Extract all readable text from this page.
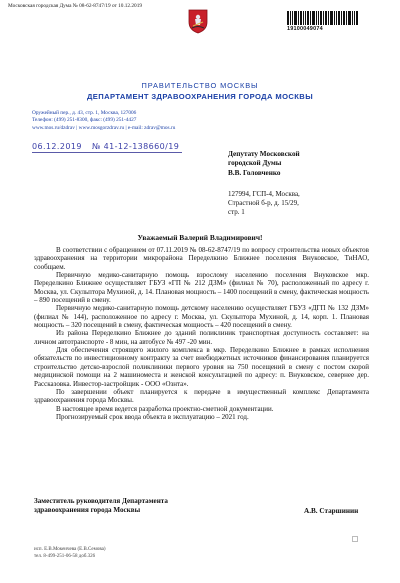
Московская городская Дума № 08-62-8747/19 от 10.12.2019
19100049074
ПРАВИТЕЛЬСТВО МОСКВЫ
ДЕПАРТАМЕНТ ЗДРАВООХРАНЕНИЯ ГОРОДА МОСКВЫ
Оружейный пер., д. 43, стр. 1, Москва, 127006
Телефон: (499) 251-8300, факс: (499) 251-4427
www.mos.ru/dzdrav | www.mosgorzdrav.ru | e-mail: zdrav@mos.ru
06.12.2019 № 41-12-138660/19
Депутату Московской
городской Думы
В.В. Головченко
127994, ГСП-4, Москва,
Страстной б-р, д. 15/29,
стр. 1
Уважаемый Валерий Владимирович!

В соответствии с обращением от 07.11.2019 № 08-62-8747/19 по вопросу строительства новых объектов здравоохранения на территории микрорайона Переделкино Ближнее поселения Внуковское, ТиНАО, сообщаем.

Первичную медико-санитарную помощь взрослому населению поселения Внуковское мкр. Переделкино Ближнее осуществляет ГБУЗ «ГП № 212 ДЗМ» (филиал № 70), расположенный по адресу г. Москва, ул. Скульптора Мухиной, д. 14. Плановая мощность – 1400 посещений в смену, фактическая мощность – 890 посещений в смену.

Первичную медико-санитарную помощь детскому населению осуществляет ГБУЗ «ДГП № 132 ДЗМ» (филиал № 144), расположенное по адресу г. Москва, ул. Скульптора Мухиной, д. 14, корп. 1. Плановая мощность – 320 посещений в смену, фактическая мощность – 420 посещений в смену.

Из района Переделкино Ближнее до зданий поликлиник транспортная доступность составляет: на личном автотранспорте - 8 мин, на автобусе № 497 -20 мин.

Для обеспечения строящего жилого комплекса в мкр. Переделкино Ближнее в рамках исполнения обязательств по инвестиционному контракту за счет внебюджетных источников финансирования планируется строительство детско-взрослой поликлиники первого уровня на 750 посещений в смену с постом скорой медицинской помощи на 2 машиноместа и женской консультацией по адресу: п. Внуковское, севернее дер. Рассказовка. Инвестор-застройщик - ООО «Ознта».

По завершении объект планируется к передаче в имущественный комплекс Департамента здравоохранения города Москвы.

В настоящее время ведется разработка проектно-сметной документации.

Прогнозируемый срок ввода объекта в эксплуатацию – 2021 год.

Заместитель руководителя Департамента
здравоохранения города Москвы	А.В. Старшинин
исп. Е.В.Мокеичева (Е.В.Семова)
тел. 8-499-251-06-58 доб.326
